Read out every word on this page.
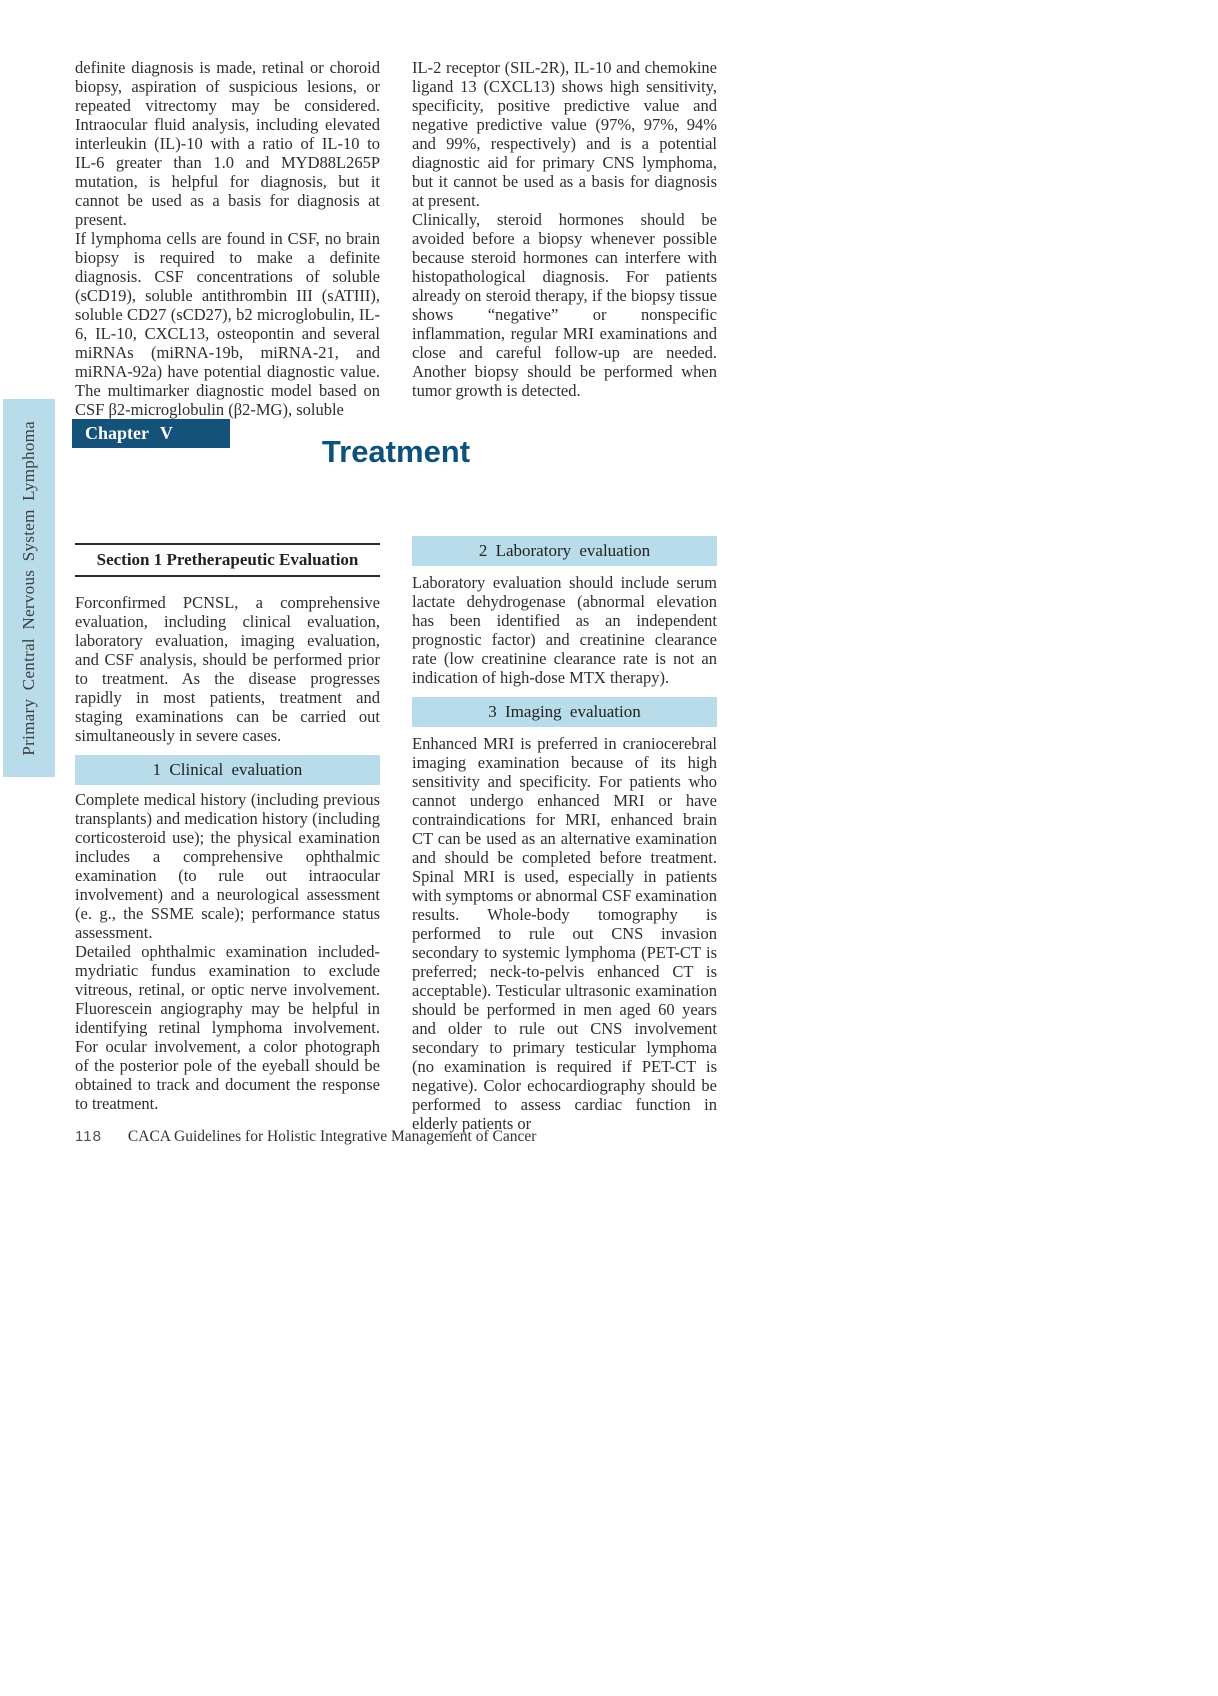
Primary Central Nervous System Lymphoma

definite diagnosis is made, retinal or choroid biopsy, aspiration of suspicious lesions, or repeated vitrectomy may be considered. Intraocular fluid analysis, including elevated interleukin (IL)-10 with a ratio of IL-10 to IL-6 greater than 1.0 and MYD88L265P mutation, is helpful for diagnosis, but it cannot be used as a basis for diagnosis at present.

If lymphoma cells are found in CSF, no brain biopsy is required to make a definite diagnosis. CSF concentrations of soluble (sCD19), soluble antithrombin III (sATIII), soluble CD27 (sCD27), b2 microglobulin, IL-6, IL-10, CXCL13, osteopontin and several miRNAs (miRNA-19b, miRNA-21, and miRNA-92a) have potential diagnostic value. The multimarker diagnostic model based on CSF β2-microglobulin (β2-MG), soluble

IL-2 receptor (SIL-2R), IL-10 and chemokine ligand 13 (CXCL13) shows high sensitivity, specificity, positive predictive value and negative predictive value (97%, 97%, 94% and 99%, respectively) and is a potential diagnostic aid for primary CNS lymphoma, but it cannot be used as a basis for diagnosis at present.

Clinically, steroid hormones should be avoided before a biopsy whenever possible because steroid hormones can interfere with histopathological diagnosis. For patients already on steroid therapy, if the biopsy tissue shows “negative” or nonspecific inflammation, regular MRI examinations and close and careful follow-up are needed. Another biopsy should be performed when tumor growth is detected.

Chapter V
Treatment
Section 1 Pretherapeutic Evaluation

Forconfirmed PCNSL, a comprehensive evaluation, including clinical evaluation, laboratory evaluation, imaging evaluation, and CSF analysis, should be performed prior to treatment. As the disease progresses rapidly in most patients, treatment and staging examinations can be carried out simultaneously in severe cases.

1 Clinical evaluation

Complete medical history (including previous transplants) and medication history (including corticosteroid use); the physical examination includes a comprehensive ophthalmic examination (to rule out intraocular involvement) and a neurological assessment (e. g., the SSME scale); performance status assessment.

Detailed ophthalmic examination included-mydriatic fundus examination to exclude vitreous, retinal, or optic nerve involvement. Fluorescein angiography may be helpful in identifying retinal lymphoma involvement. For ocular involvement, a color photograph of the posterior pole of the eyeball should be obtained to track and document the response to treatment.

2 Laboratory evaluation

Laboratory evaluation should include serum lactate dehydrogenase (abnormal elevation has been identified as an independent prognostic factor) and creatinine clearance rate (low creatinine clearance rate is not an indication of high-dose MTX therapy).

3 Imaging evaluation

Enhanced MRI is preferred in craniocerebral imaging examination because of its high sensitivity and specificity. For patients who cannot undergo enhanced MRI or have contraindications for MRI, enhanced brain CT can be used as an alternative examination and should be completed before treatment. Spinal MRI is used, especially in patients with symptoms or abnormal CSF examination results. Whole-body tomography is performed to rule out CNS invasion secondary to systemic lymphoma (PET-CT is preferred; neck-to-pelvis enhanced CT is acceptable). Testicular ultrasonic examination should be performed in men aged 60 years and older to rule out CNS involvement secondary to primary testicular lymphoma (no examination is required if PET-CT is negative). Color echocardiography should be performed to assess cardiac function in elderly patients or

118 CACA Guidelines for Holistic Integrative Management of Cancer
